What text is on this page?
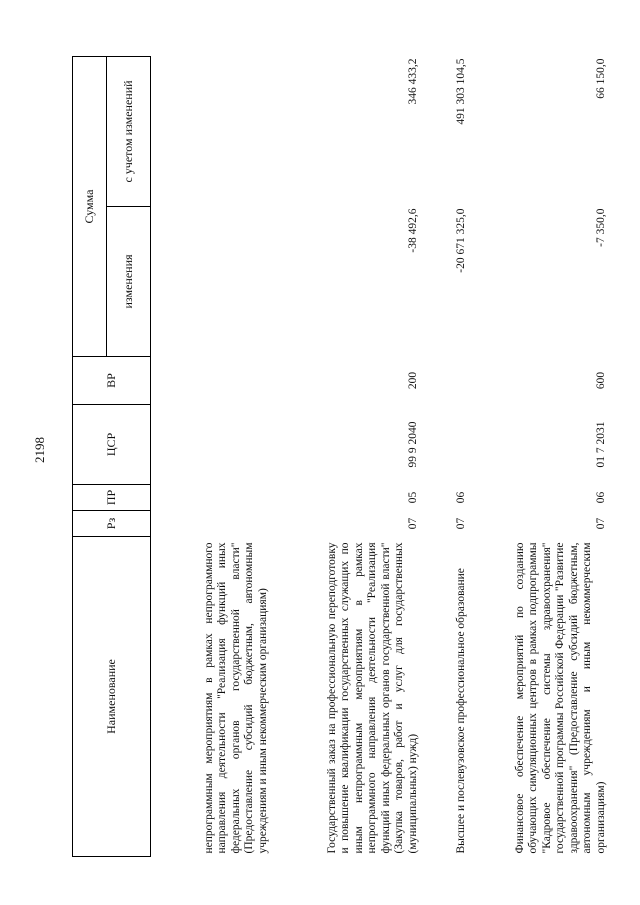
2198
Наименование	Рз	ПР	ЦСР	ВР	Сумма	
					изменения	с учетом изменений
непрограммным мероприятиям в рамках непрограммного направления деятельности "Реализация функций иных федеральных органов государственной власти" (Предоставление субсидий бюджетным, автономным учреждениям и иным некоммерческим организациям)						
Государственный заказ на профессиональную переподготовку и повышение квалификации государственных служащих по иным непрограммным мероприятиям в рамках непрограммного направления деятельности "Реализация функций иных федеральных органов государственной власти" (Закупка товаров, работ и услуг для государственных (муниципальных) нужд)	07	05	99 9 2040	200	-38 492,6	346 433,2
Высшее и послевузовское профессиональное образование	07	06			-20 671 325,0	491 303 104,5
Финансовое обеспечение мероприятий по созданию обучающих симуляционных центров в рамках подпрограммы "Кадровое обеспечение системы здравоохранения" государственной программы Российской Федерации "Развитие здравоохранения" (Предоставление субсидий бюджетным, автономным учреждениям и иным некоммерческим организациям)	07	06	01 7 2031	600	-7 350,0	66 150,0
